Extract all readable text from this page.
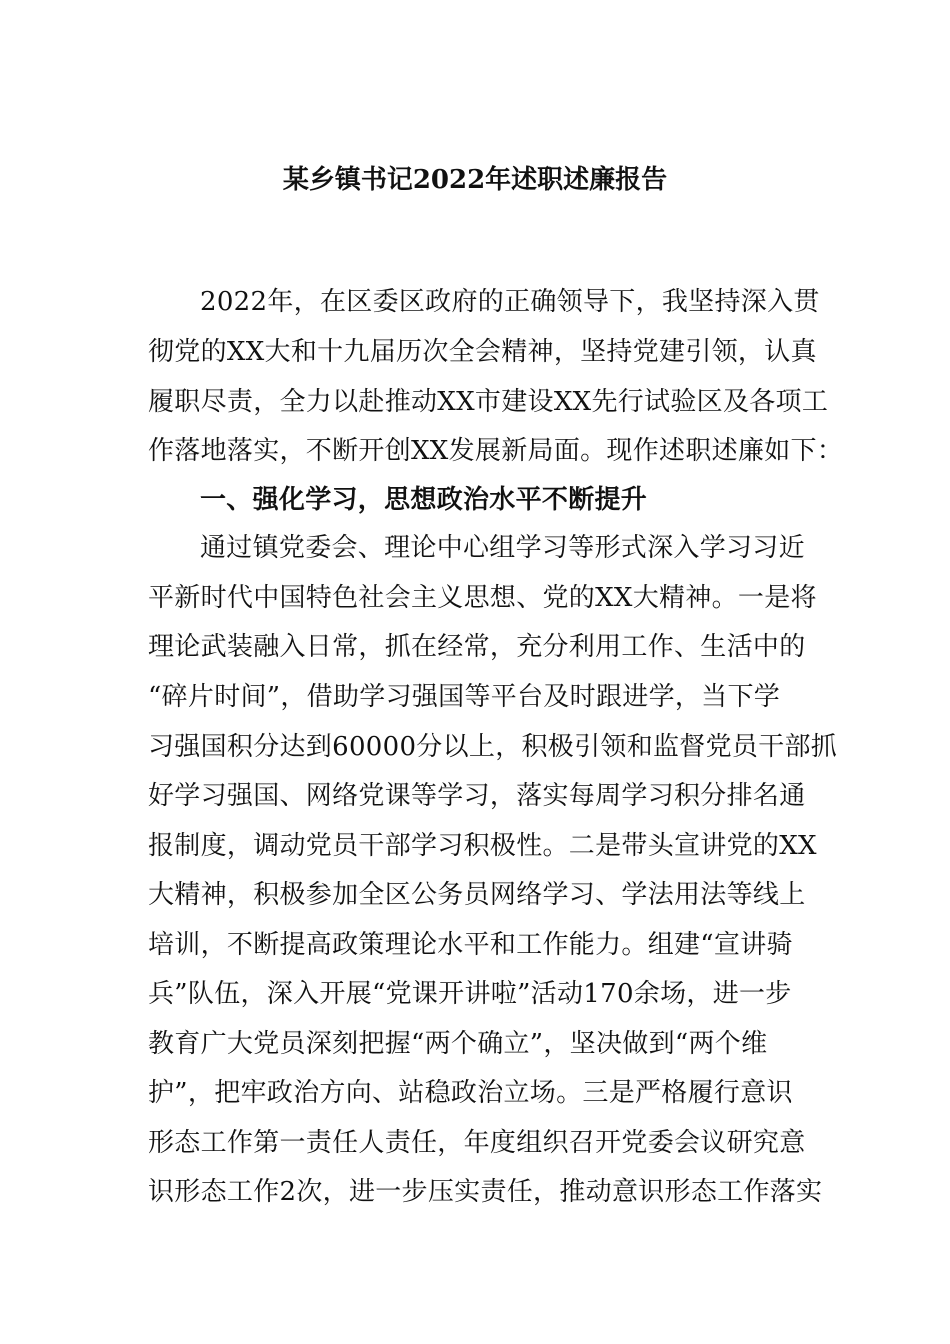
某乡镇书记2022年述职述廉报告
2022年，在区委区政府的正确领导下，我坚持深入贯
彻党的XX大和十九届历次全会精神，坚持党建引领，认真
履职尽责，全力以赴推动XX市建设XX先行试验区及各项工
作落地落实，不断开创XX发展新局面。现作述职述廉如下：
一、强化学习，思想政治水平不断提升
通过镇党委会、理论中心组学习等形式深入学习习近
平新时代中国特色社会主义思想、党的XX大精神。一是将
理论武装融入日常，抓在经常，充分利用工作、生活中的
“碎片时间”，借助学习强国等平台及时跟进学，当下学
习强国积分达到60000分以上，积极引领和监督党员干部抓
好学习强国、网络党课等学习，落实每周学习积分排名通
报制度，调动党员干部学习积极性。二是带头宣讲党的XX
大精神，积极参加全区公务员网络学习、学法用法等线上
培训，不断提高政策理论水平和工作能力。组建“宣讲骑
兵”队伍，深入开展“党课开讲啦”活动170余场，进一步
教育广大党员深刻把握“两个确立”，坚决做到“两个维
护”，把牢政治方向、站稳政治立场。三是严格履行意识
形态工作第一责任人责任，年度组织召开党委会议研究意
识形态工作2次，进一步压实责任，推动意识形态工作落实
